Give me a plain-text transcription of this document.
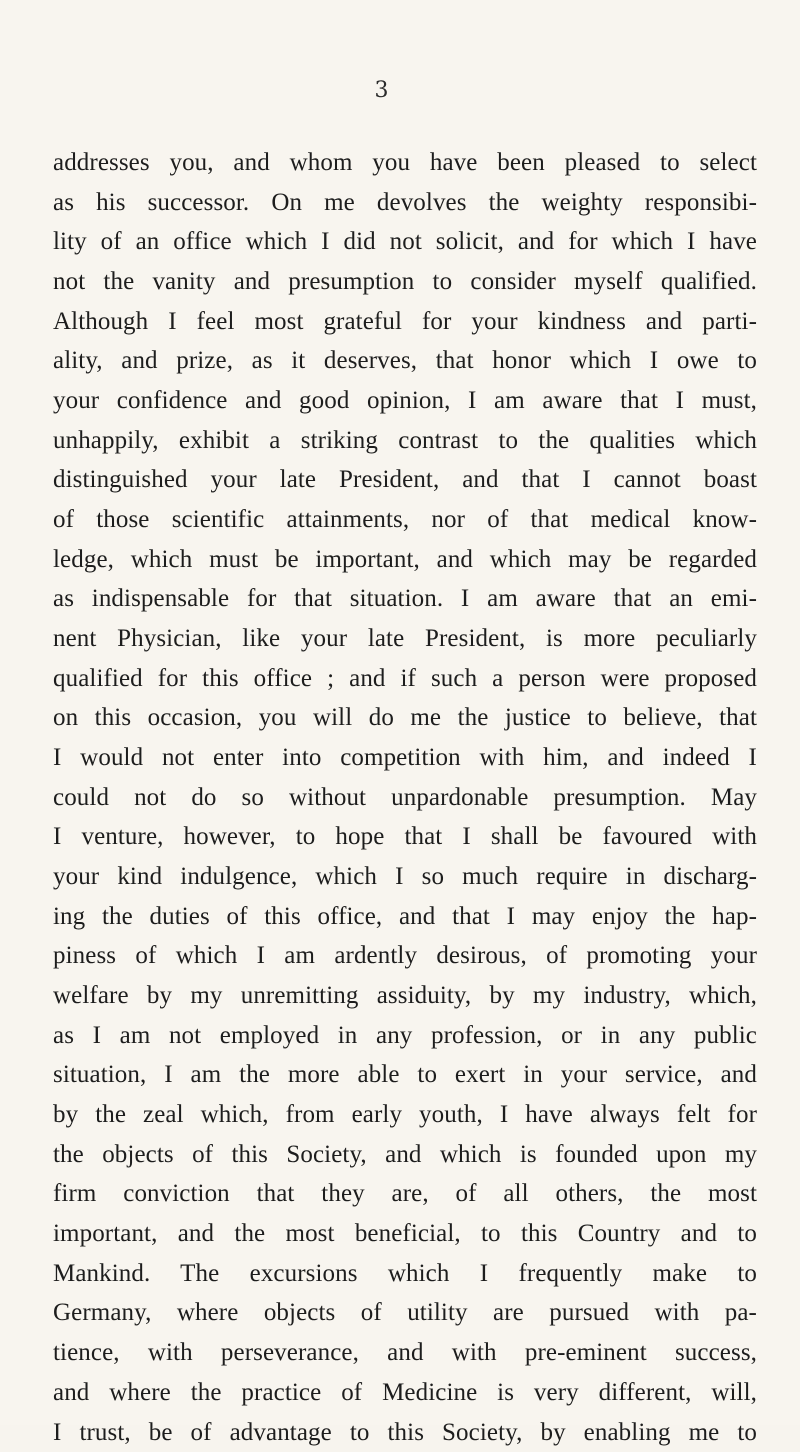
3
addresses you, and whom you have been pleased to select
as his successor. On me devolves the weighty responsibi-
lity of an office which I did not solicit, and for which I have
not the vanity and presumption to consider myself qualified.
Although I feel most grateful for your kindness and parti-
ality, and prize, as it deserves, that honor which I owe to
your confidence and good opinion, I am aware that I must,
unhappily, exhibit a striking contrast to the qualities which
distinguished your late President, and that I cannot boast
of those scientific attainments, nor of that medical know-
ledge, which must be important, and which may be regarded
as indispensable for that situation. I am aware that an emi-
nent Physician, like your late President, is more peculiarly
qualified for this office ; and if such a person were proposed
on this occasion, you will do me the justice to believe, that
I would not enter into competition with him, and indeed I
could not do so without unpardonable presumption. May
I venture, however, to hope that I shall be favoured with
your kind indulgence, which I so much require in discharg-
ing the duties of this office, and that I may enjoy the hap-
piness of which I am ardently desirous, of promoting your
welfare by my unremitting assiduity, by my industry, which,
as I am not employed in any profession, or in any public
situation, I am the more able to exert in your service, and
by the zeal which, from early youth, I have always felt for
the objects of this Society, and which is founded upon my
firm conviction that they are, of all others, the most
important, and the most beneficial, to this Country and to
Mankind. The excursions which I frequently make to
Germany, where objects of utility are pursued with pa-
tience, with perseverance, and with pre-eminent success,
and where the practice of Medicine is very different, will,
I trust, be of advantage to this Society, by enabling me to
